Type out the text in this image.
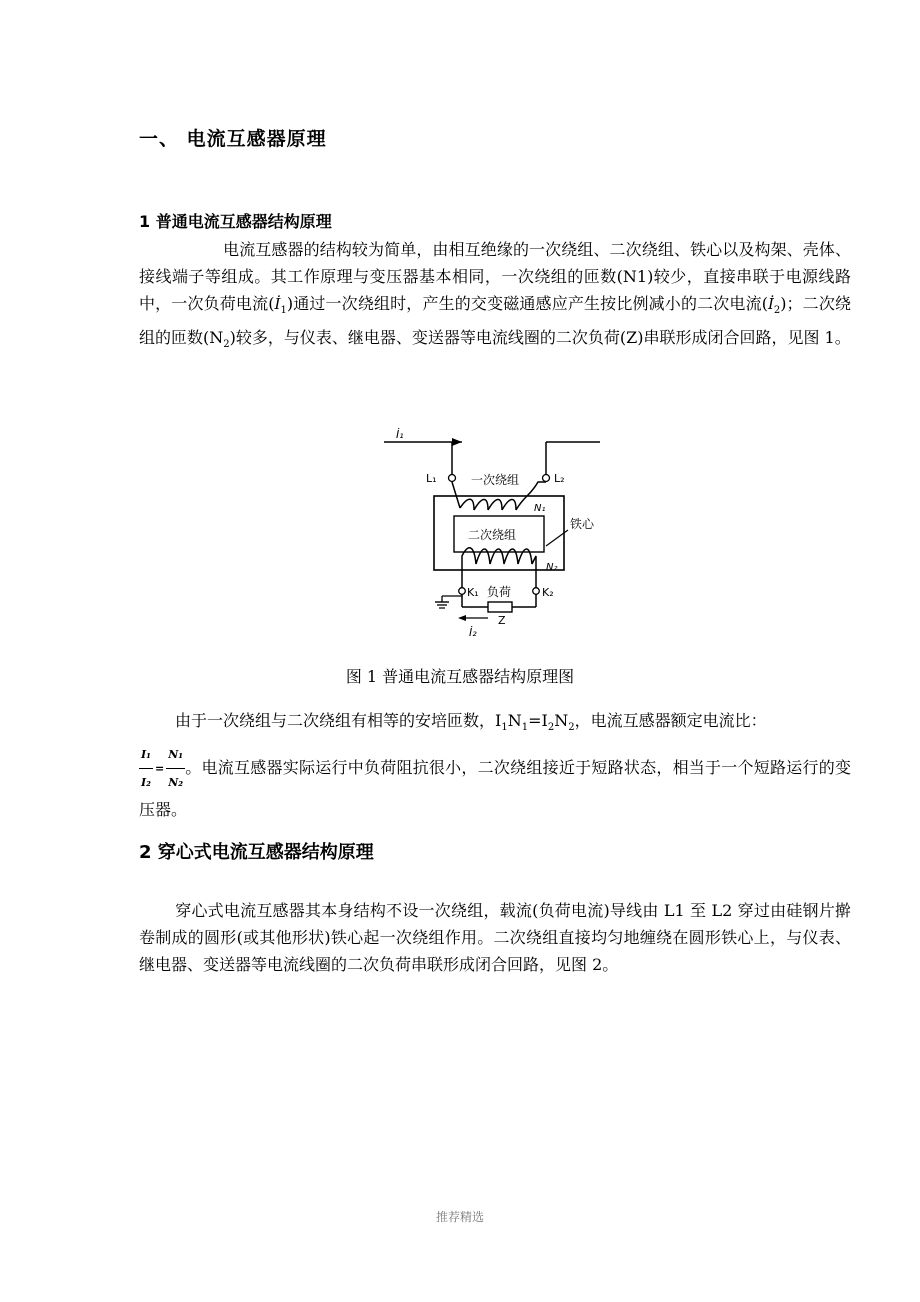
一、 电流互感器原理
1 普通电流互感器结构原理
电流互感器的结构较为简单，由相互绝缘的一次绕组、二次绕组、铁心以及构架、壳体、接线端子等组成。其工作原理与变压器基本相同，一次绕组的匝数(N1)较少，直接串联于电源线路中，一次负荷电流$(İ_1)$通过一次绕组时，产生的交变磁通感应产生按比例减小的二次电流$(İ_2)$；二次绕组的匝数$(N_2)$较多，与仪表、继电器、变送器等电流线圈的二次负荷(Z)串联形成闭合回路，见图 1。
İ₁
L₁	L₂
一次绕组
N₁
二次绕组
铁心
N₂
K₁ 负荷	K₂
İ₂
Z
图 1 普通电流互感器结构原理图
由于一次绕组与二次绕组有相等的安培匝数，$I_1N_1=I_2N_2$，电流互感器额定电流比：

$\frac{\text{I₁}}{\text{I₂}} = \frac{\text{N₁}}{\text{N₂}}$ 。电流互感器实际运行中负荷阻抗很小，二次绕组接近于短路状态，相当于一个短路运行的变压器。
2 穿心式电流互感器结构原理
穿心式电流互感器其本身结构不设一次绕组，载流(负荷电流)导线由 L1 至 L2 穿过由硅钢片擀卷制成的圆形(或其他形状)铁心起一次绕组作用。二次绕组直接均匀地缠绕在圆形铁心上，与仪表、继电器、变送器等电流线圈的二次负荷串联形成闭合回路，见图 2。
推荐精选
